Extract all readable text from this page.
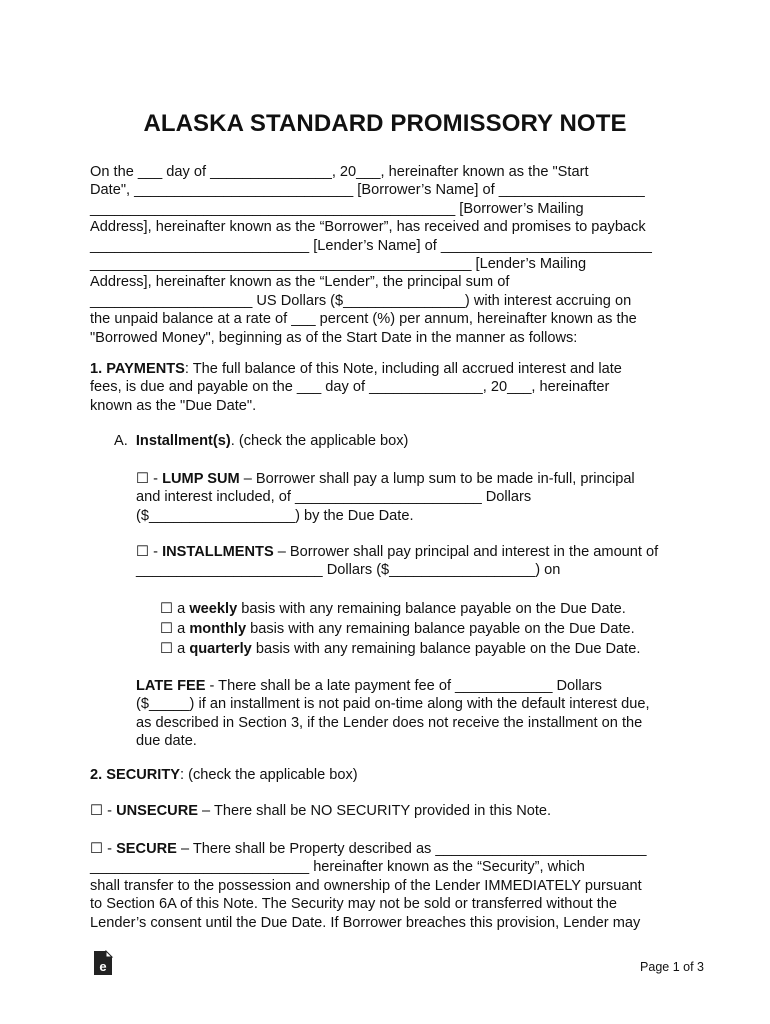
ALASKA STANDARD PROMISSORY NOTE
On the ___ day of _______________, 20___, hereinafter known as the "Start
Date", ___________________________ [Borrower’s Name] of __________________
_____________________________________________ [Borrower’s Mailing
Address], hereinafter known as the “Borrower”, has received and promises to payback
___________________________ [Lender’s Name] of __________________________
_______________________________________________ [Lender’s Mailing
Address], hereinafter known as the “Lender”, the principal sum of
____________________ US Dollars ($_______________) with interest accruing on
the unpaid balance at a rate of ___ percent (%) per annum, hereinafter known as the
"Borrowed Money", beginning as of the Start Date in the manner as follows:
1. PAYMENTS: The full balance of this Note, including all accrued interest and late
fees, is due and payable on the ___ day of ______________, 20___, hereinafter
known as the "Due Date".
A. Installment(s). (check the applicable box)
☐ - LUMP SUM – Borrower shall pay a lump sum to be made in-full, principal
and interest included, of _______________________ Dollars
($__________________) by the Due Date.
☐ - INSTALLMENTS – Borrower shall pay principal and interest in the amount of
_______________________ Dollars ($__________________) on
☐ a weekly basis with any remaining balance payable on the Due Date.
☐ a monthly basis with any remaining balance payable on the Due Date.
☐ a quarterly basis with any remaining balance payable on the Due Date.
LATE FEE - There shall be a late payment fee of ____________ Dollars
($_____) if an installment is not paid on-time along with the default interest due,
as described in Section 3, if the Lender does not receive the installment on the
due date.
2. SECURITY: (check the applicable box)
☐ - UNSECURE – There shall be NO SECURITY provided in this Note.
☐ - SECURE – There shall be Property described as __________________________
___________________________ hereinafter known as the “Security”, which
shall transfer to the possession and ownership of the Lender IMMEDIATELY pursuant
to Section 6A of this Note. The Security may not be sold or transferred without the
Lender’s consent until the Due Date. If Borrower breaches this provision, Lender may
e	Page 1 of 3
